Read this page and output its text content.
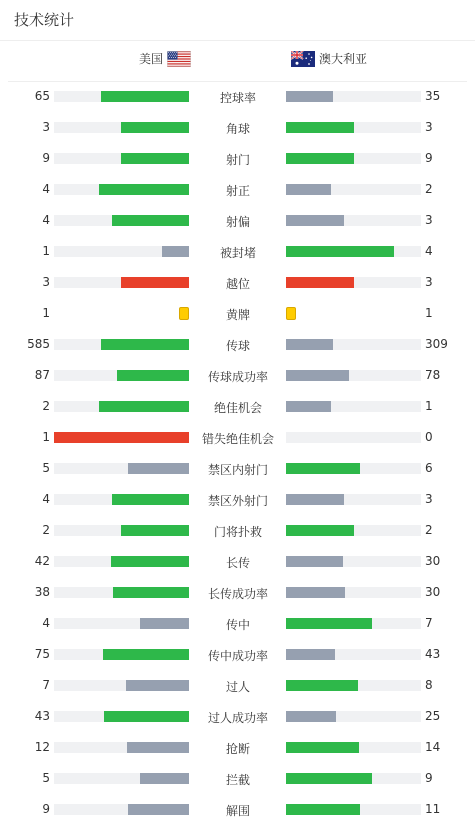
技术统计
美国	澳大利亚
65	控球率	35
3	角球	3
9	射门	9
4	射正	2
4	射偏	3
1	被封堵	4
3	越位	3
1	黄牌	1
585	传球	309
87	传球成功率	78
2	绝佳机会	1
1	错失绝佳机会	0
5	禁区内射门	6
4	禁区外射门	3
2	门将扑救	2
42	长传	30
38	长传成功率	30
4	传中	7
75	传中成功率	43
7	过人	8
43	过人成功率	25
12	抢断	14
5	拦截	9
9	解围	11
